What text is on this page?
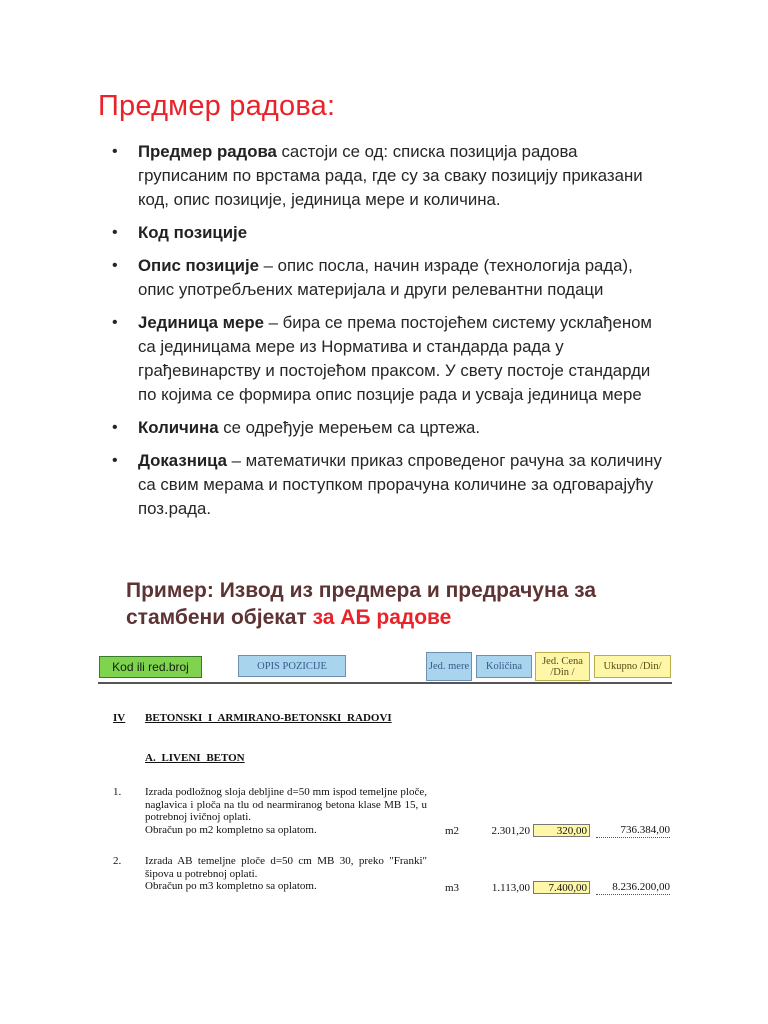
Предмер радова:
• Предмер радова састоји се од: списка позиција радова груписаним по врстама рада, где су за сваку позицију приказани код, опис позиције, јединица мере и количина.
• Код позиције
• Опис позиције – опис посла, начин израде (технологија рада), опис употребљених материјала и други релевантни подаци
• Јединица мере – бира се према постојећем систему усклађеном са јединицама мере из Норматива и стандарда рада у грађевинарству и постојећом праксом. У свету постоје стандарди по којима се формира опис позције рада и усваја јединица мере
• Количина се одређује мерењем са цртежа.
• Доказница – математички приказ спроведеног рачуна за количину са свим мерама и поступком прорачуна количине за одговарајућу поз.рада.
Пример: Извод из предмера и предрачуна за стамбени објекат за АБ радове
Kod ili red.broj	OPIS POZICIJE	Jed. mere	Količina	Jed. Cena /Din /	Ukupno /Din/
IV BETONSKI I ARMIRANO-BETONSKI RADOVI
A. LIVENI BETON
1. Izrada podložnog sloja debljine d=50 mm ispod temeljne ploče, naglavica i ploča na tlu od nearmiranog betona klase MB 15, u potrebnoj ivičnoj oplati.
Obračun po m2 kompletno sa oplatom.	m2	2.301,20	320,00	736.384,00
2. Izrada AB temeljne ploče d=50 cm MB 30, preko "Franki" šipova u potrebnoj oplati.
Obračun po m3 kompletno sa oplatom.	m3	1.113,00	7.400,00	8.236.200,00
